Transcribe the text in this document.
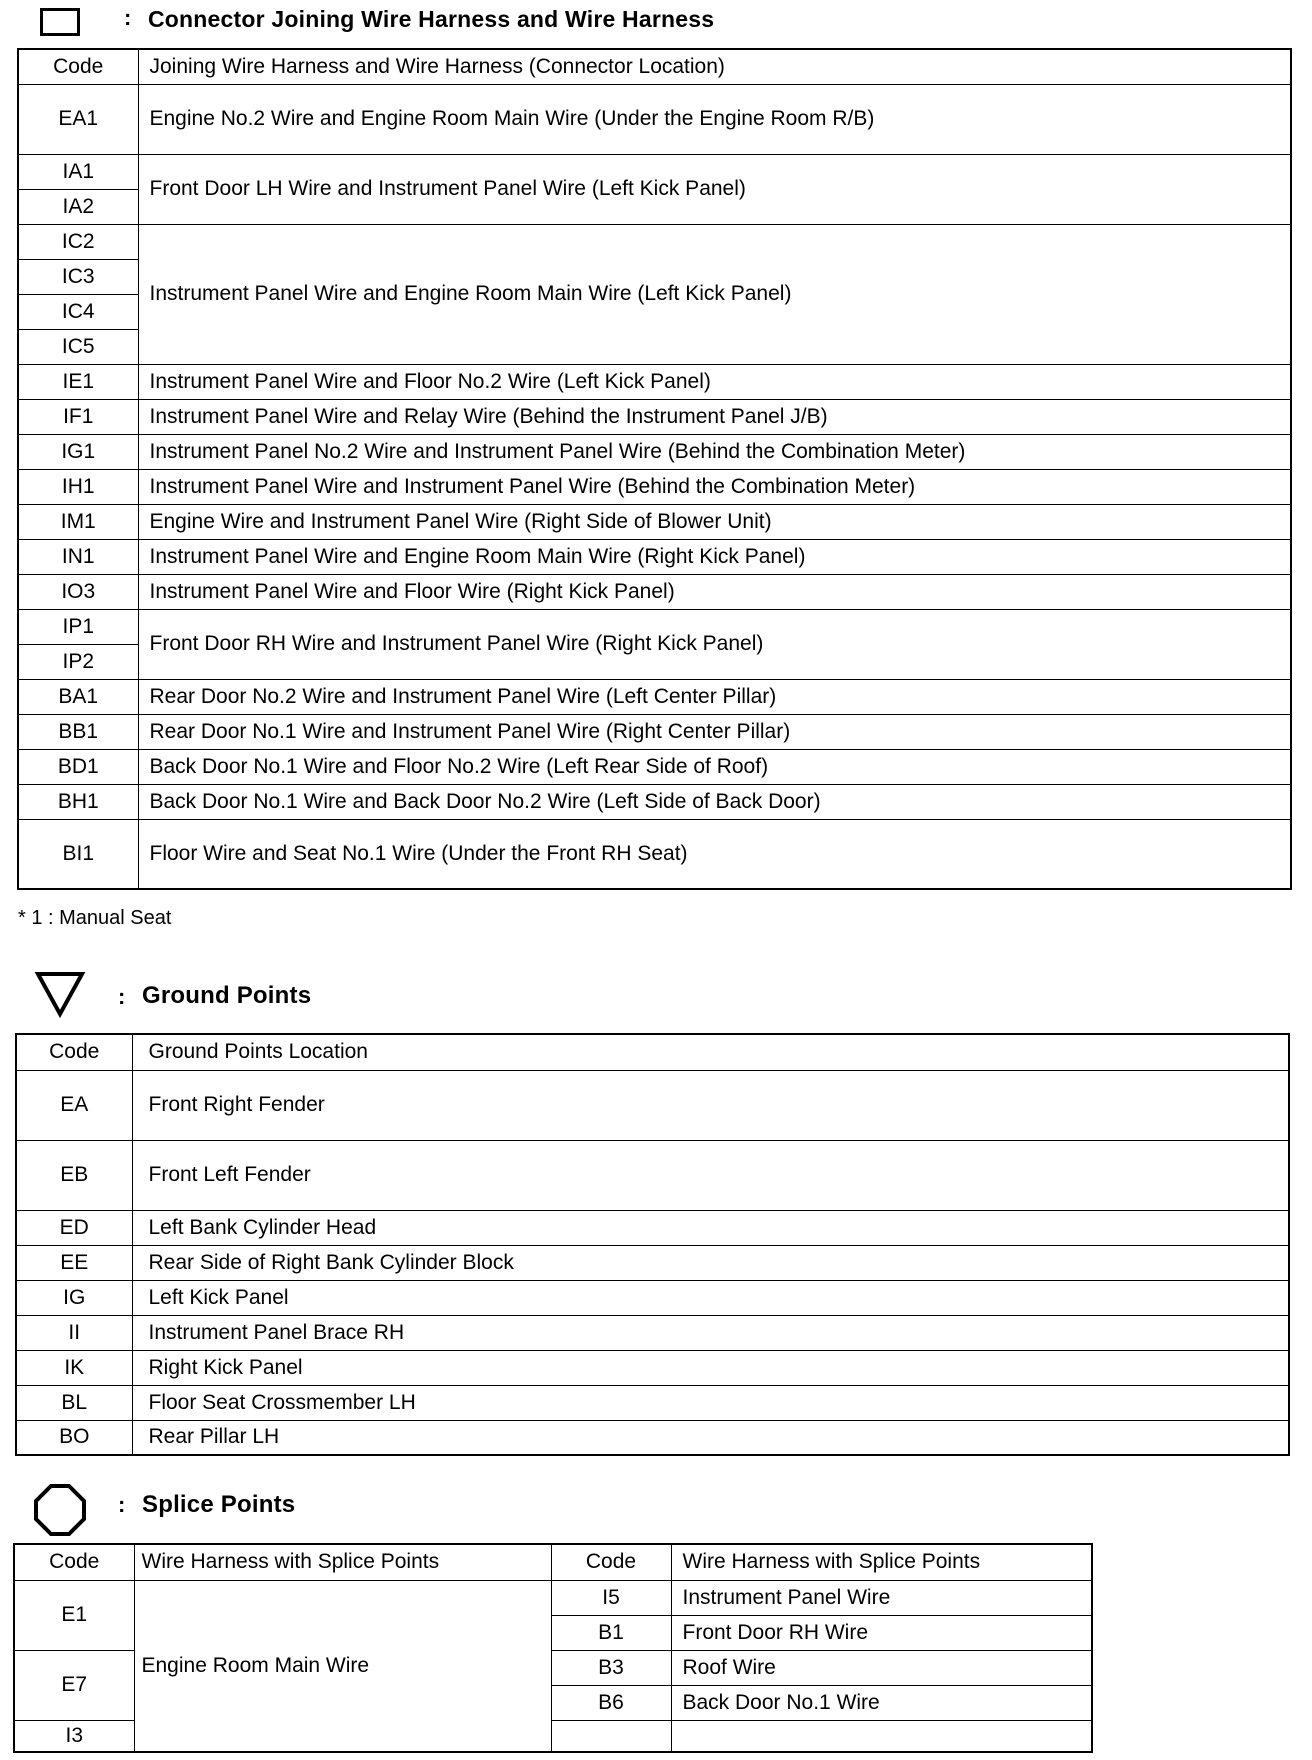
: Connector Joining Wire Harness and Wire Harness
Code	Joining Wire Harness and Wire Harness (Connector Location)
EA1	Engine No.2 Wire and Engine Room Main Wire (Under the Engine Room R/B)
IA1	Front Door LH Wire and Instrument Panel Wire (Left Kick Panel)
IA2	
IC2	Instrument Panel Wire and Engine Room Main Wire (Left Kick Panel)
IC3	
IC4	
IC5	
IE1	Instrument Panel Wire and Floor No.2 Wire (Left Kick Panel)
IF1	Instrument Panel Wire and Relay Wire (Behind the Instrument Panel J/B)
IG1	Instrument Panel No.2 Wire and Instrument Panel Wire (Behind the Combination Meter)
IH1	Instrument Panel Wire and Instrument Panel Wire (Behind the Combination Meter)
IM1	Engine Wire and Instrument Panel Wire (Right Side of Blower Unit)
IN1	Instrument Panel Wire and Engine Room Main Wire (Right Kick Panel)
IO3	Instrument Panel Wire and Floor Wire (Right Kick Panel)
IP1	Front Door RH Wire and Instrument Panel Wire (Right Kick Panel)
IP2	
BA1	Rear Door No.2 Wire and Instrument Panel Wire (Left Center Pillar)
BB1	Rear Door No.1 Wire and Instrument Panel Wire (Right Center Pillar)
BD1	Back Door No.1 Wire and Floor No.2 Wire (Left Rear Side of Roof)
BH1	Back Door No.1 Wire and Back Door No.2 Wire (Left Side of Back Door)
BI1	Floor Wire and Seat No.1 Wire (Under the Front RH Seat)
* 1 : Manual Seat
: Ground Points
Code	Ground Points Location
EA	Front Right Fender
EB	Front Left Fender
ED	Left Bank Cylinder Head
EE	Rear Side of Right Bank Cylinder Block
IG	Left Kick Panel
II	Instrument Panel Brace RH
IK	Right Kick Panel
BL	Floor Seat Crossmember LH
BO	Rear Pillar LH
: Splice Points
Code	Wire Harness with Splice Points	Code	Wire Harness with Splice Points
E1	Engine Room Main Wire	I5	Instrument Panel Wire
		B1	Front Door RH Wire
E7		B3	Roof Wire
		B6	Back Door No.1 Wire
I3			
